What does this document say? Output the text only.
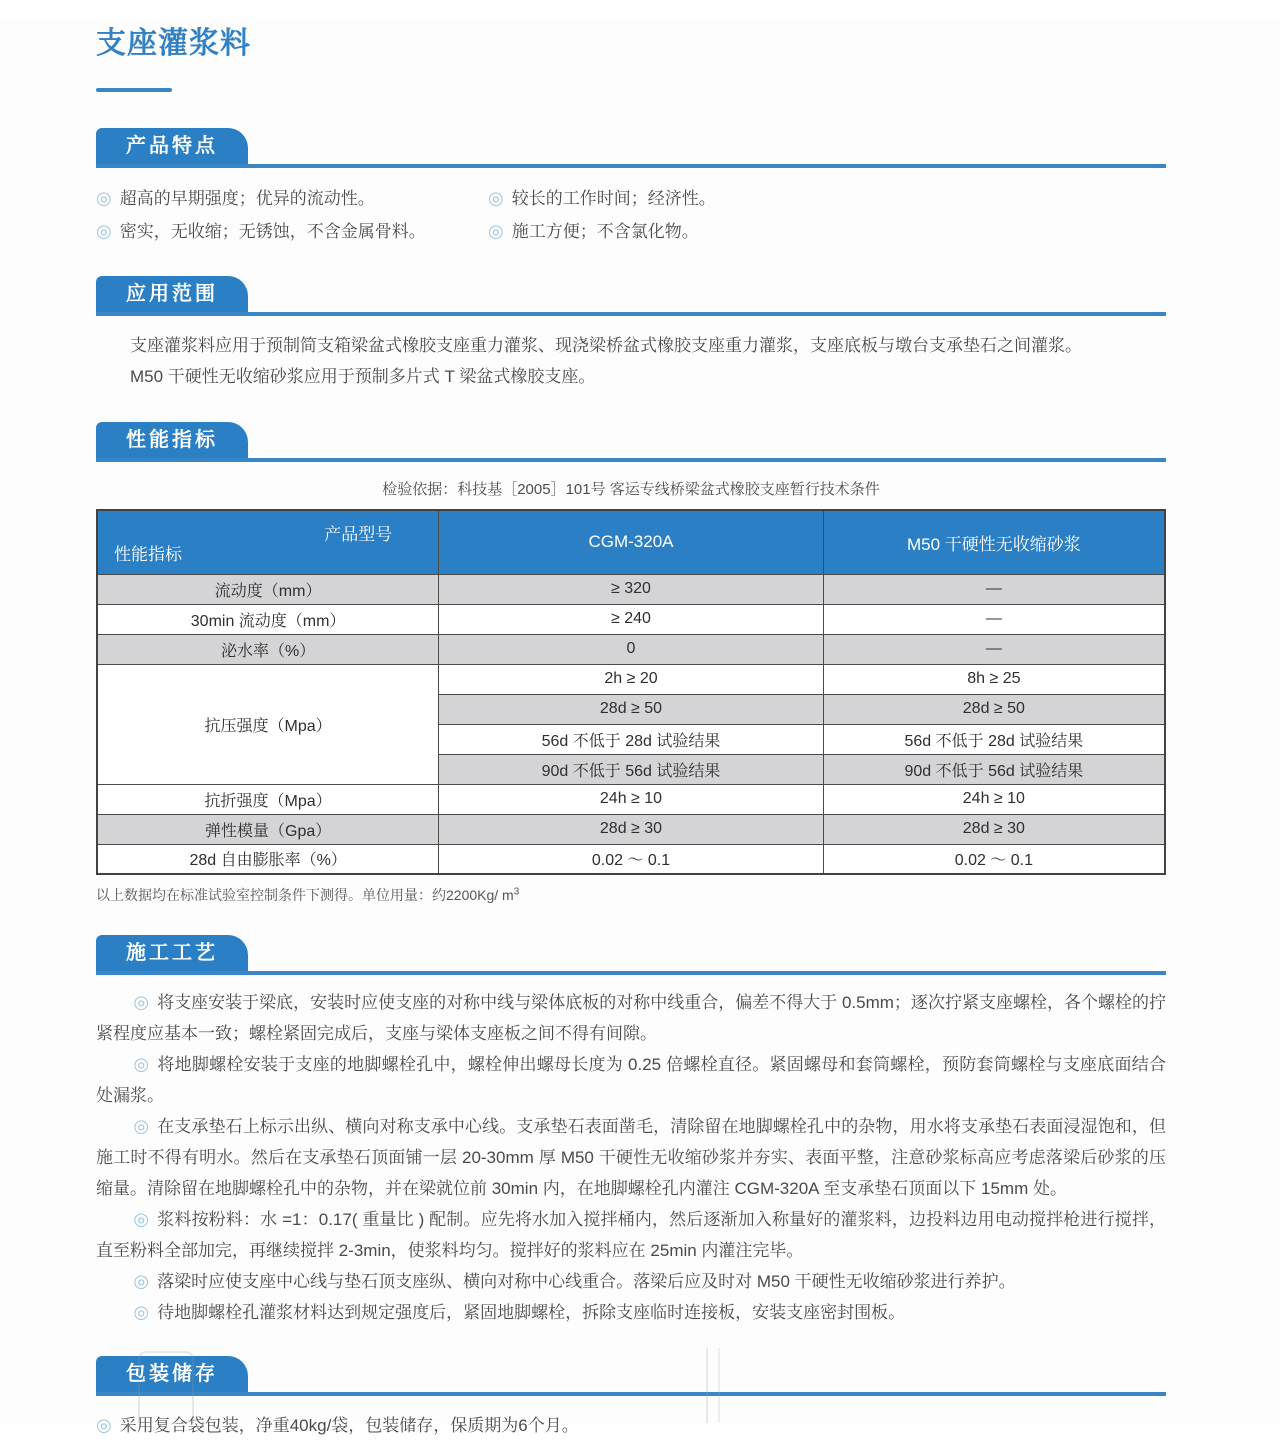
支座灌浆料
产品特点
◎ 超高的早期强度；优异的流动性。
◎ 密实，无收缩；无锈蚀，不含金属骨料。
◎ 较长的工作时间；经济性。
◎ 施工方便；不含氯化物。
应用范围

支座灌浆料应用于预制简支箱梁盆式橡胶支座重力灌浆、现浇梁桥盆式橡胶支座重力灌浆，支座底板与墩台支承垫石之间灌浆。

M50 干硬性无收缩砂浆应用于预制多片式 T 梁盆式橡胶支座。

性能指标
检验依据：科技基［2005］101号 客运专线桥梁盆式橡胶支座暂行技术条件
产品型号
性能指标	CGM-320A	M50 干硬性无收缩砂浆
流动度（mm）	≥ 320	—
30min 流动度（mm）	≥ 240	—
泌水率（%）	0	—
抗压强度（Mpa）	2h ≥ 20	8h ≥ 25
	28d ≥ 50	28d ≥ 50
	56d 不低于 28d 试验结果	56d 不低于 28d 试验结果
	90d 不低于 56d 试验结果	90d 不低于 56d 试验结果
抗折强度（Mpa）	24h ≥ 10	24h ≥ 10
弹性模量（Gpa）	28d ≥ 30	28d ≥ 30
28d 自由膨胀率（%）	0.02 ～ 0.1	0.02 ～ 0.1
以上数据均在标准试验室控制条件下测得。单位用量：约2200Kg/ $m^3$
施工工艺

◎ 将支座安装于梁底，安装时应使支座的对称中线与梁体底板的对称中线重合，偏差不得大于 0.5mm；逐次拧紧支座螺栓，各个螺栓的拧紧程度应基本一致；螺栓紧固完成后，支座与梁体支座板之间不得有间隙。

◎ 将地脚螺栓安装于支座的地脚螺栓孔中，螺栓伸出螺母长度为 0.25 倍螺栓直径。紧固螺母和套筒螺栓，预防套筒螺栓与支座底面结合处漏浆。

◎ 在支承垫石上标示出纵、横向对称支承中心线。支承垫石表面凿毛，清除留在地脚螺栓孔中的杂物，用水将支承垫石表面浸湿饱和，但施工时不得有明水。然后在支承垫石顶面铺一层 20-30mm 厚 M50 干硬性无收缩砂浆并夯实、表面平整，注意砂浆标高应考虑落梁后砂浆的压缩量。清除留在地脚螺栓孔中的杂物，并在梁就位前 30min 内，在地脚螺栓孔内灌注 CGM-320A 至支承垫石顶面以下 15mm 处。

◎ 浆料按粉料：水 =1：0.17( 重量比 ) 配制。应先将水加入搅拌桶内，然后逐渐加入称量好的灌浆料，边投料边用电动搅拌枪进行搅拌，直至粉料全部加完，再继续搅拌 2-3min，使浆料均匀。搅拌好的浆料应在 25min 内灌注完毕。

◎ 落梁时应使支座中心线与垫石顶支座纵、横向对称中心线重合。落梁后应及时对 M50 干硬性无收缩砂浆进行养护。

◎ 待地脚螺栓孔灌浆材料达到规定强度后，紧固地脚螺栓，拆除支座临时连接板，安装支座密封围板。

包装储存
◎ 采用复合袋包装，净重40kg/袋，包装储存，保质期为6个月。
